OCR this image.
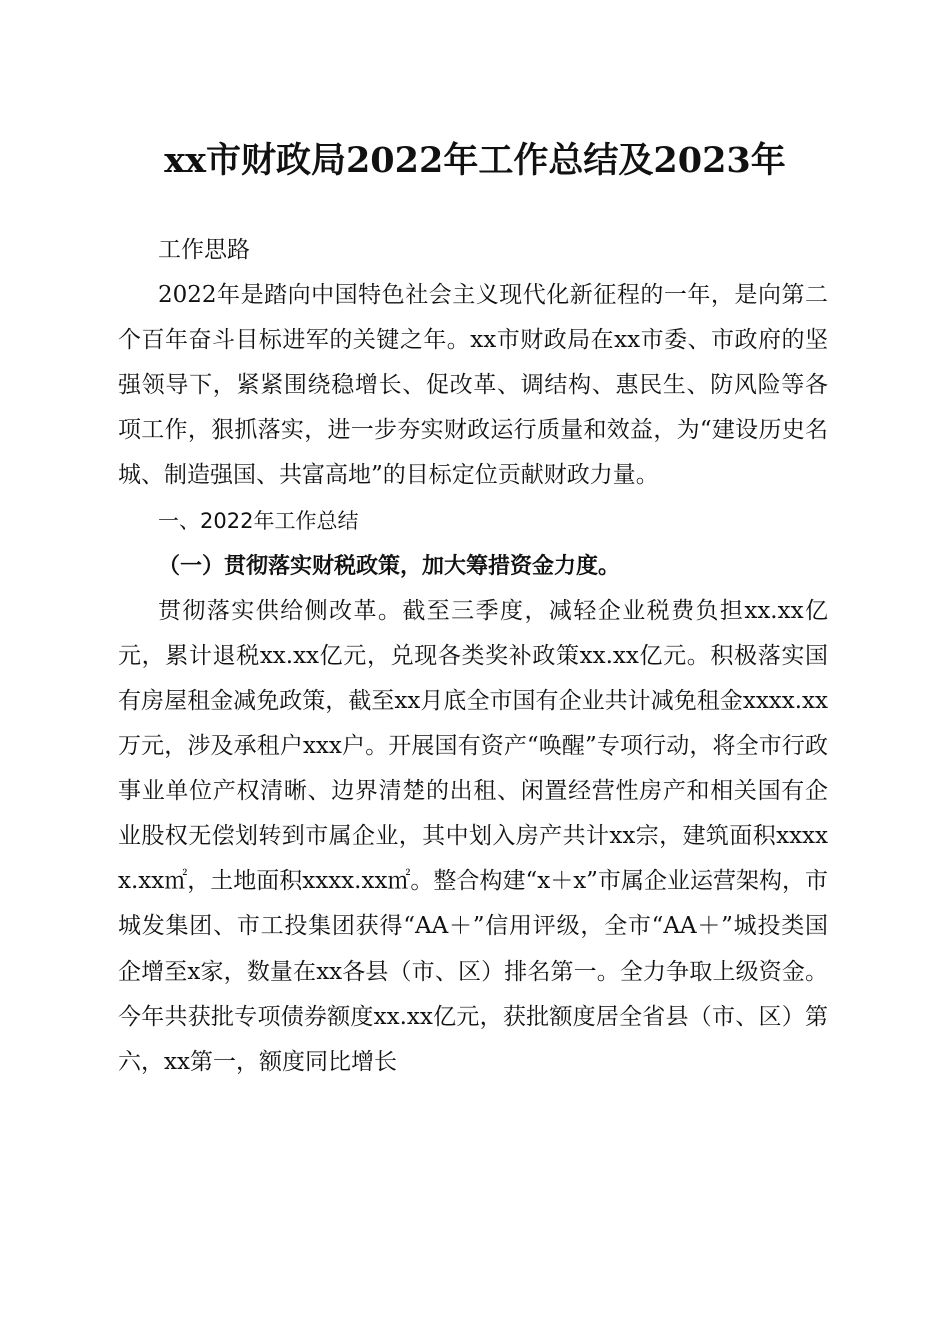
xx市财政局2022年工作总结及2023年

工作思路

2022年是踏向中国特色社会主义现代化新征程的一年，是向第二个百年奋斗目标进军的关键之年。xx市财政局在xx市委、市政府的坚强领导下，紧紧围绕稳增长、促改革、调结构、惠民生、防风险等各项工作，狠抓落实，进一步夯实财政运行质量和效益，为“建设历史名城、制造强国、共富高地”的目标定位贡献财政力量。

一、2022年工作总结

（一）贯彻落实财税政策，加大筹措资金力度。

贯彻落实供给侧改革。截至三季度，减轻企业税费负担xx.xx亿元，累计退税xx.xx亿元，兑现各类奖补政策xx.xx亿元。积极落实国有房屋租金减免政策，截至xx月底全市国有企业共计减免租金xxxx.xx万元，涉及承租户xxx户。开展国有资产“唤醒”专项行动，将全市行政事业单位产权清晰、边界清楚的出租、闲置经营性房产和相关国有企业股权无偿划转到市属企业，其中划入房产共计xx宗，建筑面积xxxxx.xx㎡，土地面积xxxx.xx㎡。整合构建“x＋x”市属企业运营架构，市城发集团、市工投集团获得“AA＋”信用评级，全市“AA＋”城投类国企增至x家，数量在xx各县（市、区）排名第一。全力争取上级资金。今年共获批专项债券额度xx.xx亿元，获批额度居全省县（市、区）第六，xx第一，额度同比增长
